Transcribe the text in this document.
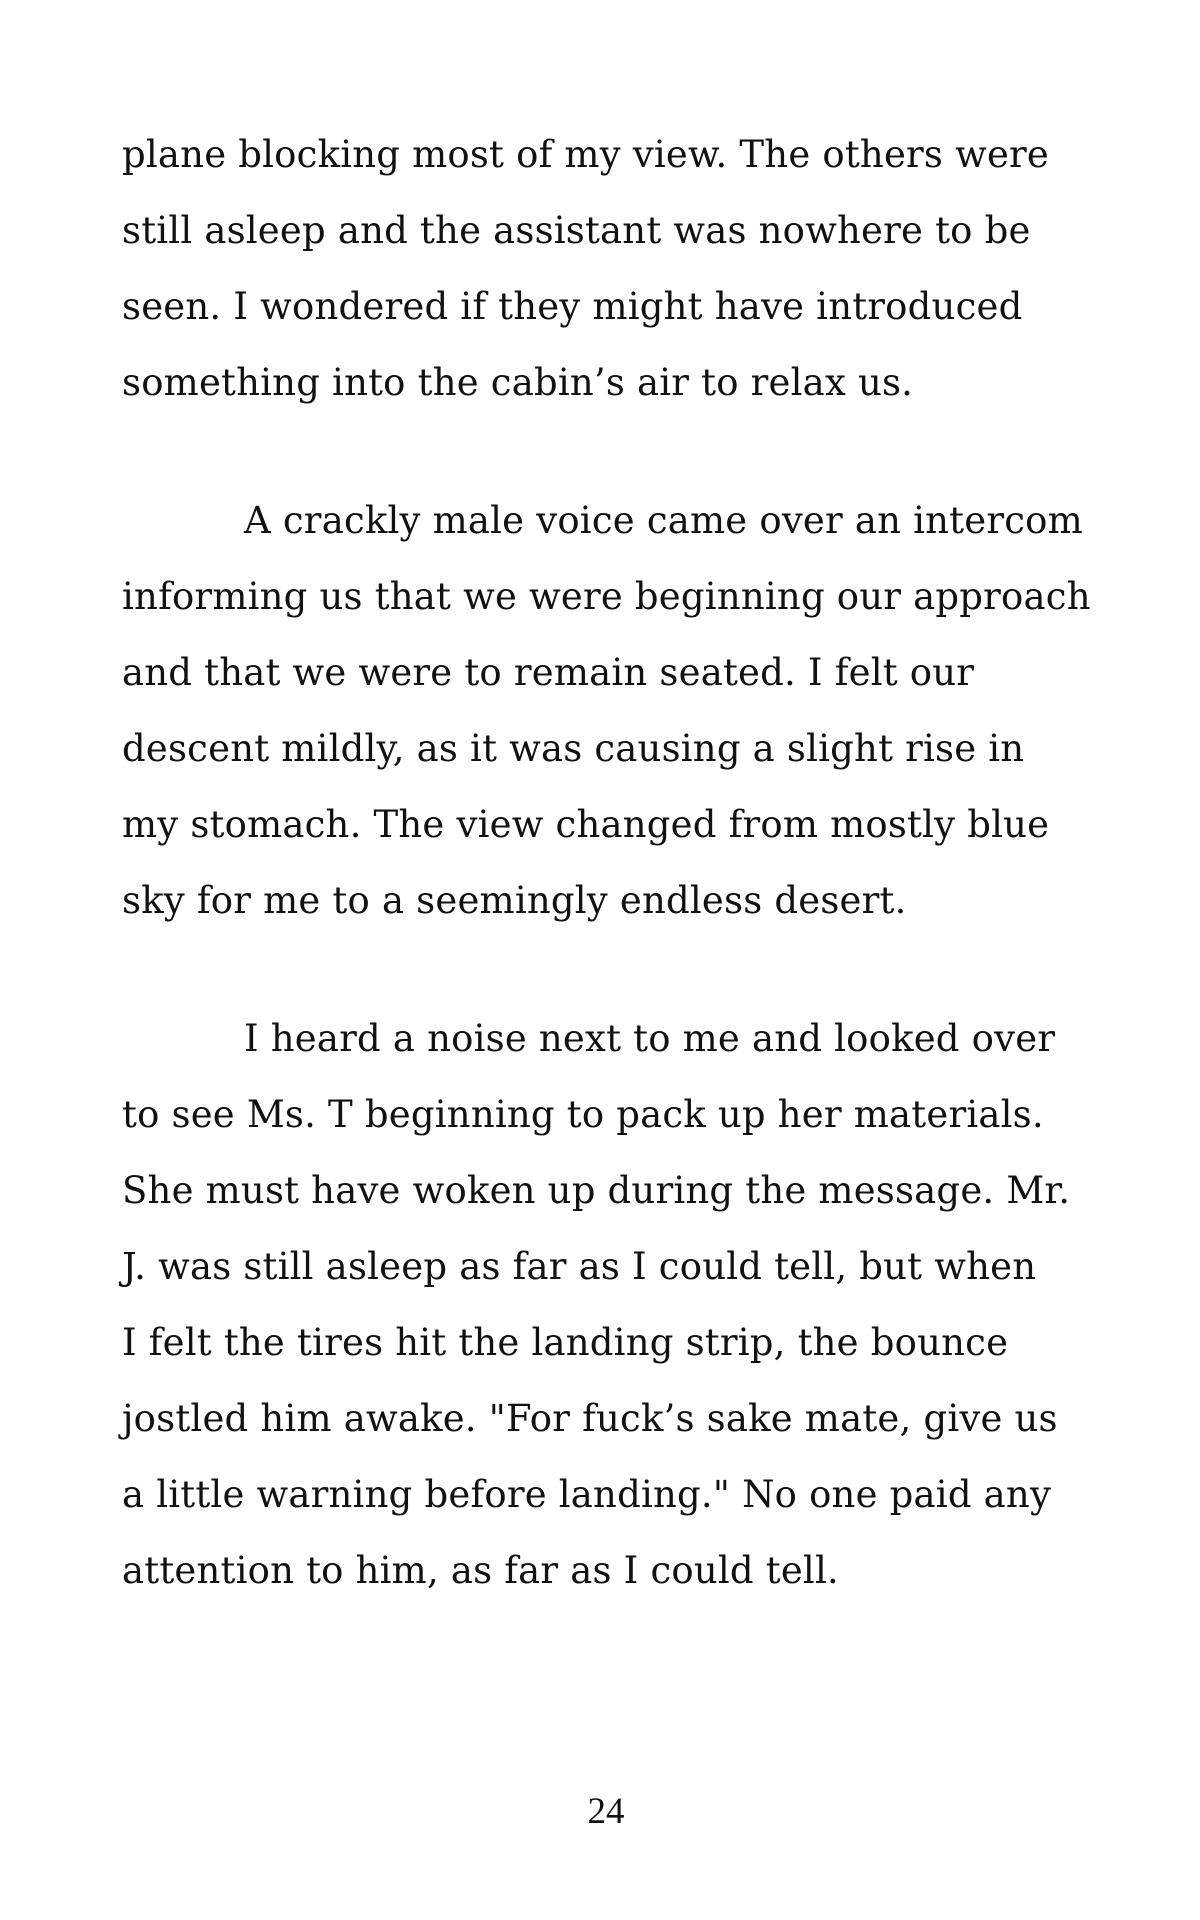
plane blocking most of my view. The others were
still asleep and the assistant was nowhere to be
seen. I wondered if they might have introduced
something into the cabin’s air to relax us.
A crackly male voice came over an intercom
informing us that we were beginning our approach
and that we were to remain seated. I felt our
descent mildly, as it was causing a slight rise in
my stomach. The view changed from mostly blue
sky for me to a seemingly endless desert.
I heard a noise next to me and looked over
to see Ms. T beginning to pack up her materials.
She must have woken up during the message. Mr.
J. was still asleep as far as I could tell, but when
I felt the tires hit the landing strip, the bounce
jostled him awake. "For fuck’s sake mate, give us
a little warning before landing." No one paid any
attention to him, as far as I could tell.
24
